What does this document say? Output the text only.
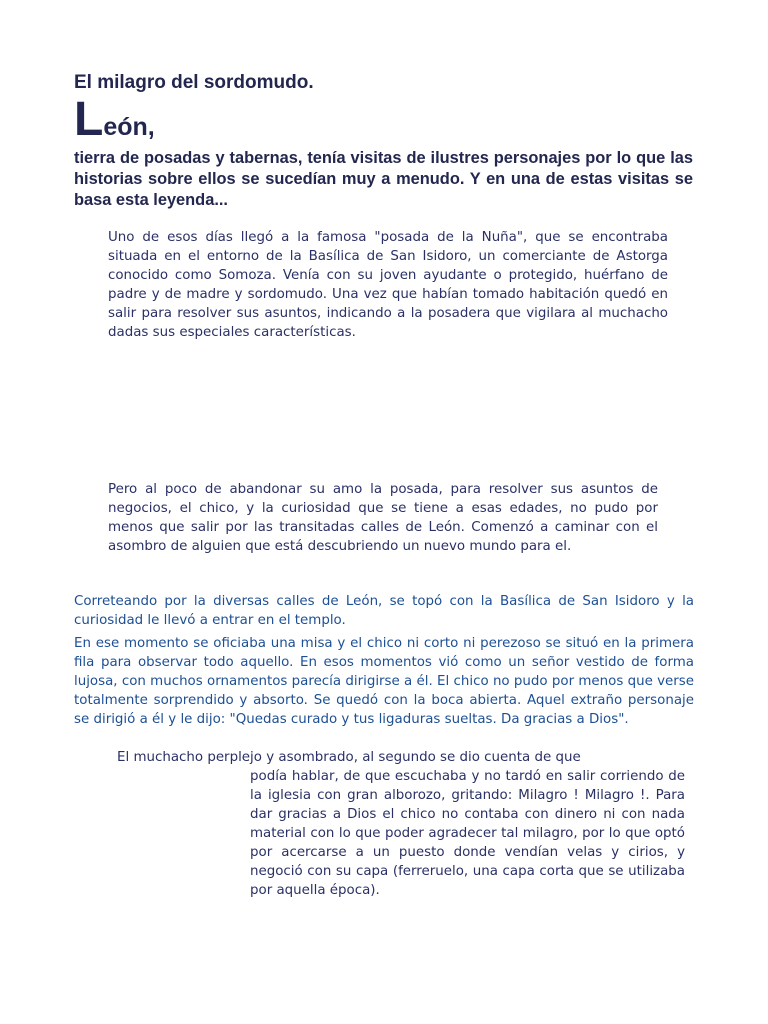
El milagro del sordomudo.

León,

tierra de posadas y tabernas, tenía visitas de ilustres personajes por lo que las historias sobre ellos se sucedían muy a menudo. Y en una de estas visitas se basa esta leyenda...

Uno de esos días llegó a la famosa "posada de la Nuña", que se encontraba situada en el entorno de la Basílica de San Isidoro, un comerciante de Astorga conocido como Somoza. Venía con su joven ayudante o protegido, huérfano de padre y de madre y sordomudo. Una vez que habían tomado habitación quedó en salir para resolver sus asuntos, indicando a la posadera que vigilara al muchacho dadas sus especiales características.

Pero al poco de abandonar su amo la posada, para resolver sus asuntos de negocios, el chico, y la curiosidad que se tiene a esas edades, no pudo por menos que salir por las transitadas calles de León. Comenzó a caminar con el asombro de alguien que está descubriendo un nuevo mundo para el.

Correteando por la diversas calles de León, se topó con la Basílica de San Isidoro y la curiosidad le llevó a entrar en el templo.

En ese momento se oficiaba una misa y el chico ni corto ni perezoso se situó en la primera fila para observar todo aquello. En esos momentos vió como un señor vestido de forma lujosa, con muchos ornamentos parecía dirigirse a él. El chico no pudo por menos que verse totalmente sorprendido y absorto. Se quedó con la boca abierta. Aquel extraño personaje se dirigió a él y le dijo: "Quedas curado y tus ligaduras sueltas. Da gracias a Dios".

El muchacho perplejo y asombrado, al segundo se dio cuenta de que

podía hablar, de que escuchaba y no tardó en salir corriendo de la iglesia con gran alborozo, gritando: Milagro ! Milagro !. Para dar gracias a Dios el chico no contaba con dinero ni con nada material con lo que poder agradecer tal milagro, por lo que optó por acercarse a un puesto donde vendían velas y cirios, y negoció con su capa (ferreruelo, una capa corta que se utilizaba por aquella época).
